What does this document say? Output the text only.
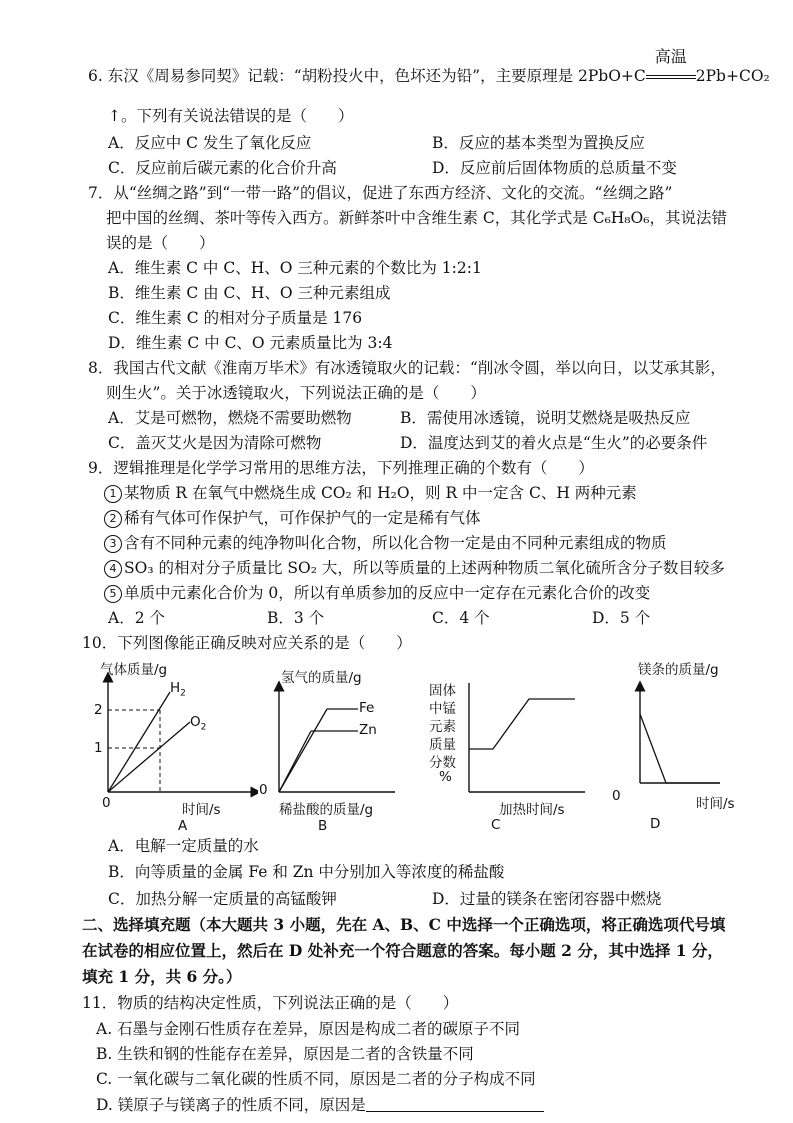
6. 东汉《周易参同契》记载：“胡粉投火中，色坏还为铅”，主要原理是 2PbO+C
高温
2Pb+CO₂
↑。下列有关说法错误的是（　　）
A．反应中 C 发生了氧化反应	B．反应的基本类型为置换反应
C．反应前后碳元素的化合价升高	D．反应前后固体物质的总质量不变
7．从“丝绸之路”到“一带一路”的倡议，促进了东西方经济、文化的交流。“丝绸之路”
把中国的丝绸、茶叶等传入西方。新鲜茶叶中含维生素 C，其化学式是 C₆H₈O₆，其说法错
误的是（　　）
A．维生素 C 中 C、H、O 三种元素的个数比为 1:2:1
B．维生素 C 由 C、H、O 三种元素组成
C．维生素 C 的相对分子质量是 176
D．维生素 C 中 C、O 元素质量比为 3:4
8．我国古代文献《淮南万毕术》有冰透镜取火的记载：“削冰令圆，举以向日，以艾承其影，
则生火”。关于冰透镜取火，下列说法正确的是（　　）
A．艾是可燃物，燃烧不需要助燃物	B．需使用冰透镜，说明艾燃烧是吸热反应
C．盖灭艾火是因为清除可燃物	D．温度达到艾的着火点是“生火”的必要条件
9．逻辑推理是化学学习常用的思维方法，下列推理正确的个数有（　　）
1 某物质 R 在氧气中燃烧生成 CO₂ 和 H₂O，则 R 中一定含 C、H 两种元素
2 稀有气体可作保护气，可作保护气的一定是稀有气体
3 含有不同种元素的纯净物叫化合物，所以化合物一定是由不同种元素组成的物质
4 SO₃ 的相对分子质量比 SO₂ 大，所以等质量的上述两种物质二氧化硫所含分子数目较多
5 单质中元素化合价为 0，所以有单质参加的反应中一定存在元素化合价的改变
A．2 个	B．3 个	C．4 个	D．5 个
10．下列图像能正确反映对应关系的是（　　）
气体质量/g
2
1
0
$H_2$
$O_2$
时间/s
A
氢气的质量/g
Fe
Zn
0
稀盐酸的质量/g
B
固体
中锰
元素
质量
分数
%
加热时间/s
C
镁条的质量/g
0	时间/s
D
A．电解一定质量的水
B．向等质量的金属 Fe 和 Zn 中分别加入等浓度的稀盐酸
C．加热分解一定质量的高锰酸钾	D．过量的镁条在密闭容器中燃烧
二、选择填充题（本大题共 3 小题，先在 A、B、C 中选择一个正确选项，将正确选项代号填
在试卷的相应位置上，然后在 D 处补充一个符合题意的答案。每小题 2 分，其中选择 1 分，
填充 1 分，共 6 分。）
11．物质的结构决定性质，下列说法正确的是（　　）
A. 石墨与金刚石性质存在差异，原因是构成二者的碳原子不同
B. 生铁和钢的性能存在差异，原因是二者的含铁量不同
C. 一氧化碳与二氧化碳的性质不同，原因是二者的分子构成不同
D. 镁原子与镁离子的性质不同，原因是
